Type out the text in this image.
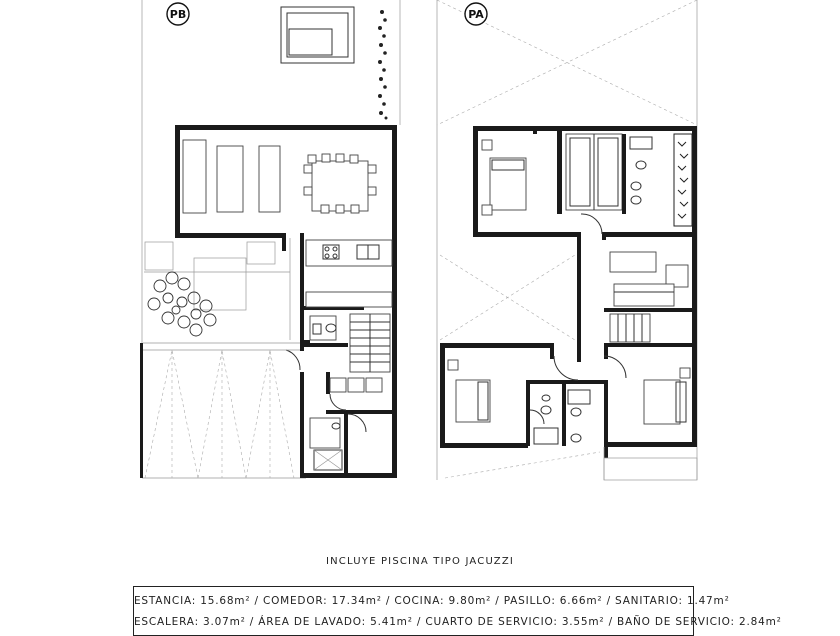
PB	PA
INCLUYE PISCINA TIPO JACUZZI
ESTANCIA: 15.68m² / COMEDOR: 17.34m² / COCINA: 9.80m² / PASILLO: 6.66m² / SANITARIO: 1.47m²
ESCALERA: 3.07m² / ÁREA DE LAVADO: 5.41m² / CUARTO DE SERVICIO: 3.55m² / BAÑO DE SERVICIO: 2.84m²
